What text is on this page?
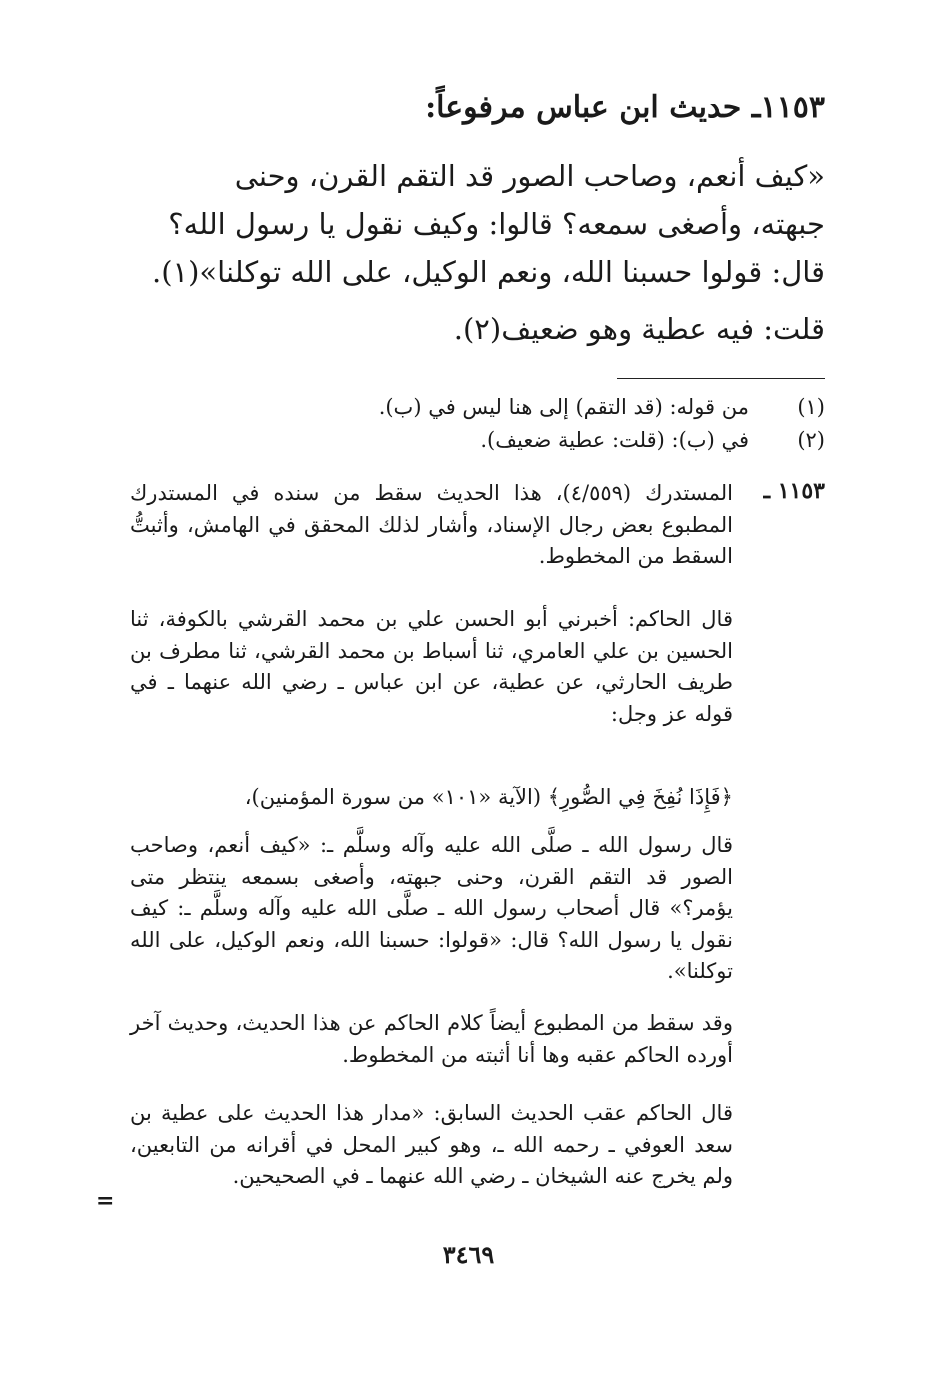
١١٥٣ـ حديث ابن عباس مرفوعاً:

«كيف أنعم، وصاحب الصور قد التقم القرن، وحنى

جبهته، وأصغى سمعه؟ قالوا: وكيف نقول يا رسول الله؟

قال: قولوا حسبنا الله، ونعم الوكيل، على الله توكلنا»(١).

قلت: فيه عطية وهو ضعيف(٢).
(١)من قوله: (قد التقم) إلى هنا ليس في (ب).
(٢)في (ب): (قلت: عطية ضعيف).
١١٥٣ ـ
المستدرك (٤/٥٥٩)، هذا الحديث سقط من سنده في المستدرك المطبوع بعض رجال الإسناد، وأشار لذلك المحقق في الهامش، وأثبتُّ السقط من المخطوط.
قال الحاكم: أخبرني أبو الحسن علي بن محمد القرشي بالكوفة، ثنا الحسين بن علي العامري، ثنا أسباط بن محمد القرشي، ثنا مطرف بن طريف الحارثي، عن عطية، عن ابن عباس ـ رضي الله عنهما ـ في قوله عز وجل:
﴿فَإِذَا نُفِخَ فِي الصُّورِ﴾ (الآية «١٠١» من سورة المؤمنين)،
قال رسول الله ـ صلَّى الله عليه وآله وسلَّم ـ: «كيف أنعم، وصاحب الصور قد التقم القرن، وحنى جبهته، وأصغى بسمعه ينتظر متى يؤمر؟» قال أصحاب رسول الله ـ صلَّى الله عليه وآله وسلَّم ـ: كيف نقول يا رسول الله؟ قال: «قولوا: حسبنا الله، ونعم الوكيل، على الله توكلنا».
وقد سقط من المطبوع أيضاً كلام الحاكم عن هذا الحديث، وحديث آخر أورده الحاكم عقبه وها أنا أثبته من المخطوط.
قال الحاكم عقب الحديث السابق: «مدار هذا الحديث على عطية بن سعد العوفي ـ رحمه الله ـ، وهو كبير المحل في أقرانه من التابعين، ولم يخرج عنه الشيخان ـ رضي الله عنهما ـ في الصحيحين.
=
٣٤٦٩
